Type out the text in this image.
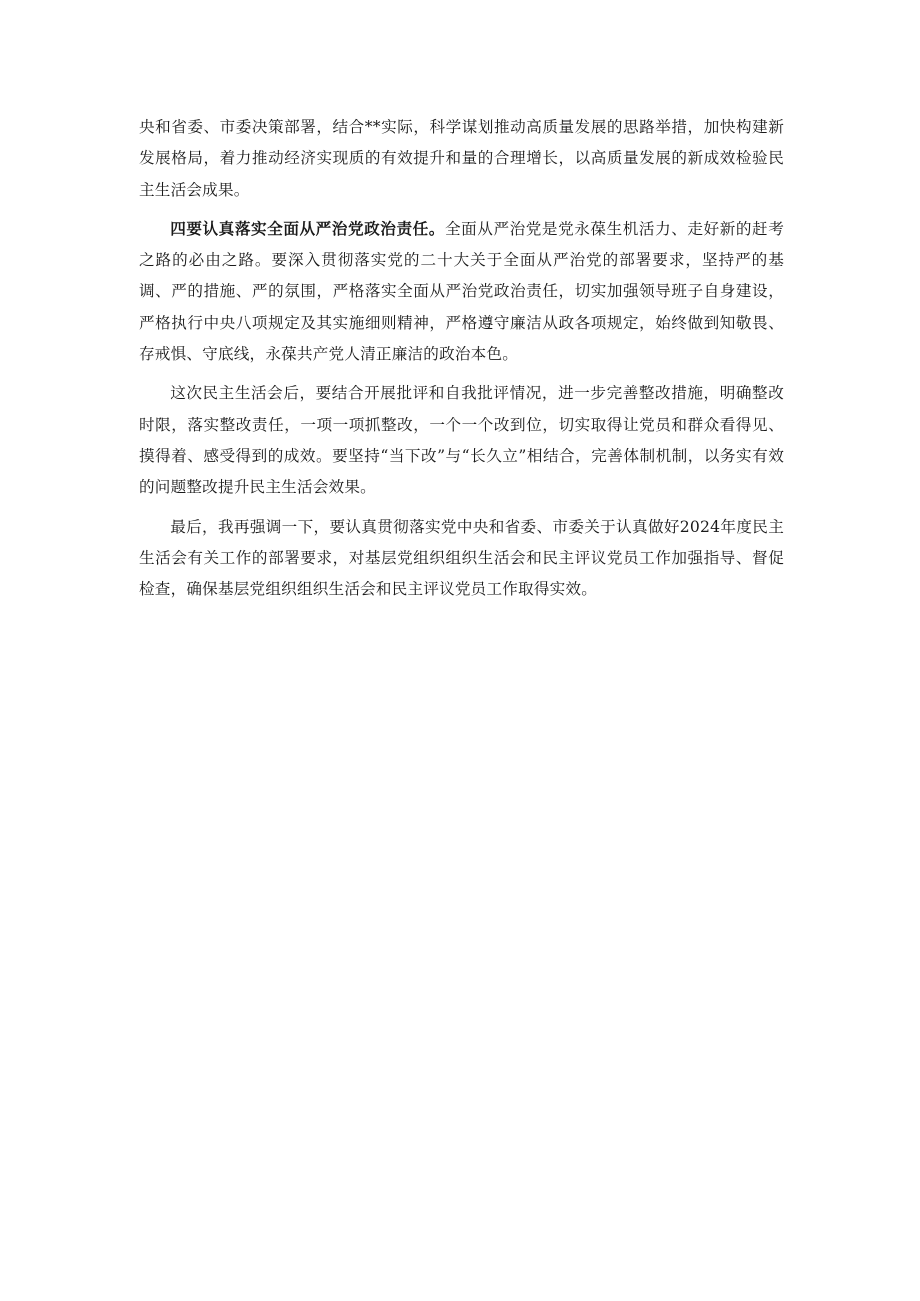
央和省委、市委决策部署，结合**实际，科学谋划推动高质量发展的思路举措，加快构建新发展格局，着力推动经济实现质的有效提升和量的合理增长，以高质量发展的新成效检验民主生活会成果。

四要认真落实全面从严治党政治责任。全面从严治党是党永葆生机活力、走好新的赶考之路的必由之路。要深入贯彻落实党的二十大关于全面从严治党的部署要求，坚持严的基调、严的措施、严的氛围，严格落实全面从严治党政治责任，切实加强领导班子自身建设，严格执行中央八项规定及其实施细则精神，严格遵守廉洁从政各项规定，始终做到知敬畏、存戒惧、守底线，永葆共产党人清正廉洁的政治本色。

这次民主生活会后，要结合开展批评和自我批评情况，进一步完善整改措施，明确整改时限，落实整改责任，一项一项抓整改，一个一个改到位，切实取得让党员和群众看得见、摸得着、感受得到的成效。要坚持“当下改”与“长久立”相结合，完善体制机制，以务实有效的问题整改提升民主生活会效果。

最后，我再强调一下，要认真贯彻落实党中央和省委、市委关于认真做好2024年度民主生活会有关工作的部署要求，对基层党组织组织生活会和民主评议党员工作加强指导、督促检查，确保基层党组织组织生活会和民主评议党员工作取得实效。
